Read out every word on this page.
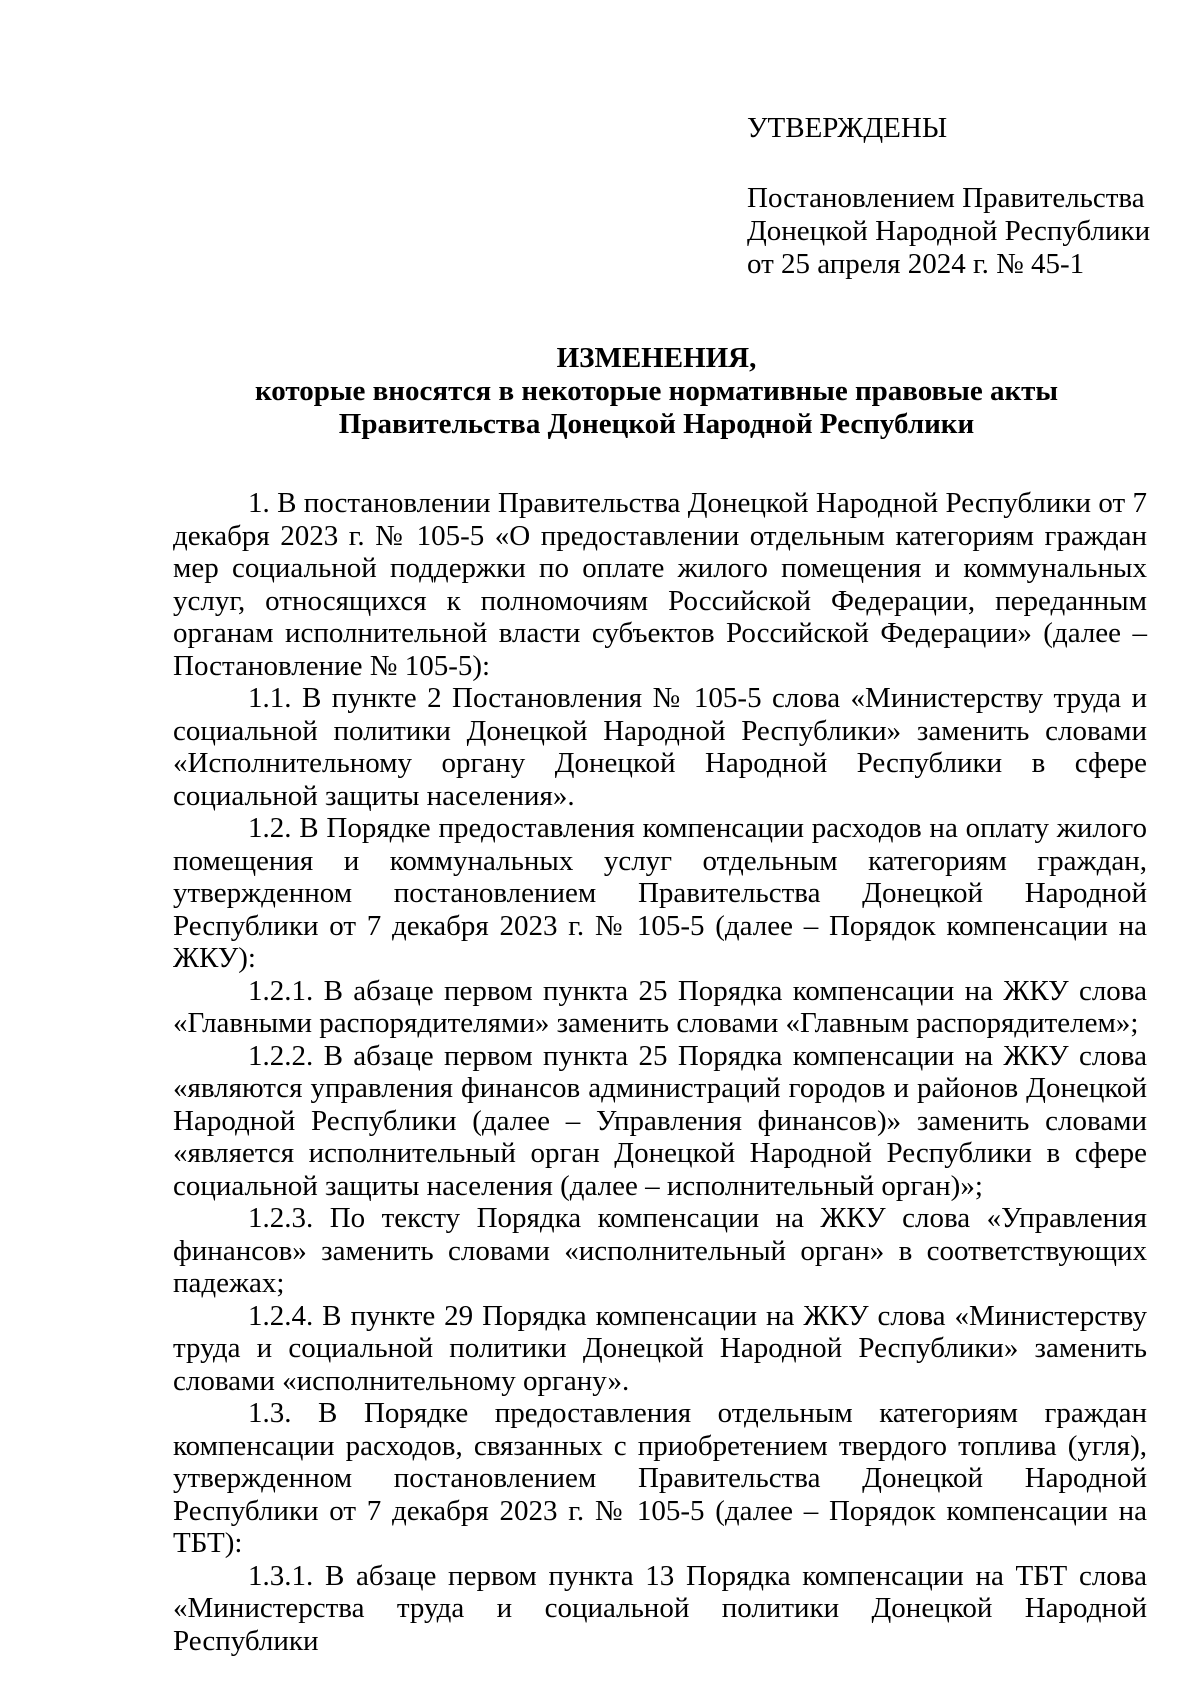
УТВЕРЖДЕНЫ
Постановлением Правительства
Донецкой Народной Республики
от 25 апреля 2024 г. № 45-1
ИЗМЕНЕНИЯ,
которые вносятся в некоторые нормативные правовые акты
Правительства Донецкой Народной Республики

1. В постановлении Правительства Донецкой Народной Республики от 7 декабря 2023 г. № 105-5 «О предоставлении отдельным категориям граждан мер социальной поддержки по оплате жилого помещения и коммунальных услуг, относящихся к полномочиям Российской Федерации, переданным органам исполнительной власти субъектов Российской Федерации» (далее – Постановление № 105-5):

1.1. В пункте 2 Постановления № 105-5 слова «Министерству труда и социальной политики Донецкой Народной Республики» заменить словами «Исполнительному органу Донецкой Народной Республики в сфере социальной защиты населения».

1.2. В Порядке предоставления компенсации расходов на оплату жилого помещения и коммунальных услуг отдельным категориям граждан, утвержденном постановлением Правительства Донецкой Народной Республики от 7 декабря 2023 г. № 105-5 (далее – Порядок компенсации на ЖКУ):

1.2.1. В абзаце первом пункта 25 Порядка компенсации на ЖКУ слова «Главными распорядителями» заменить словами «Главным распорядителем»;

1.2.2. В абзаце первом пункта 25 Порядка компенсации на ЖКУ слова «являются управления финансов администраций городов и районов Донецкой Народной Республики (далее – Управления финансов)» заменить словами «является исполнительный орган Донецкой Народной Республики в сфере социальной защиты населения (далее – исполнительный орган)»;

1.2.3. По тексту Порядка компенсации на ЖКУ слова «Управления финансов» заменить словами «исполнительный орган» в соответствующих падежах;

1.2.4. В пункте 29 Порядка компенсации на ЖКУ слова «Министерству труда и социальной политики Донецкой Народной Республики» заменить словами «исполнительному органу».

1.3. В Порядке предоставления отдельным категориям граждан компенсации расходов, связанных с приобретением твердого топлива (угля), утвержденном постановлением Правительства Донецкой Народной Республики от 7 декабря 2023 г. № 105-5 (далее – Порядок компенсации на ТБТ):

1.3.1. В абзаце первом пункта 13 Порядка компенсации на ТБТ слова «Министерства труда и социальной политики Донецкой Народной Республики
